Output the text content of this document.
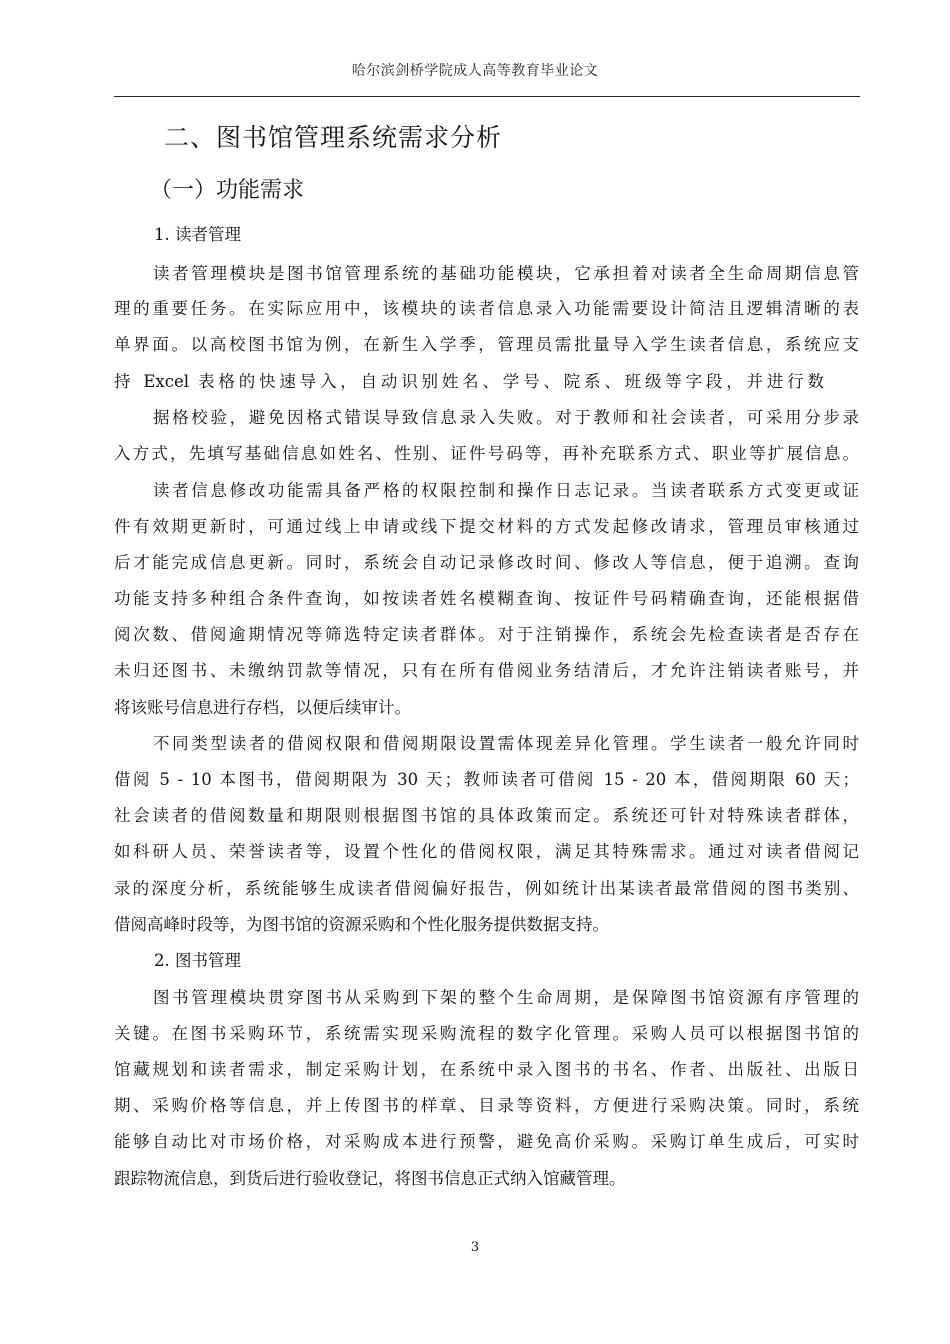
哈尔滨剑桥学院成人高等教育毕业论文
二、图书馆管理系统需求分析
（一）功能需求
1. 读者管理
读者管理模块是图书馆管理系统的基础功能模块，它承担着对读者全生命周期信息管
理的重要任务。在实际应用中，该模块的读者信息录入功能需要设计简洁且逻辑清晰的表
单界面。以高校图书馆为例，在新生入学季，管理员需批量导入学生读者信息，系统应支
持 Excel 表格的快速导入，自动识别姓名、学号、院系、班级等字段，并进行数
据格校验，避免因格式错误导致信息录入失败。对于教师和社会读者，可采用分步录
入方式，先填写基础信息如姓名、性别、证件号码等，再补充联系方式、职业等扩展信息。
读者信息修改功能需具备严格的权限控制和操作日志记录。当读者联系方式变更或证
件有效期更新时，可通过线上申请或线下提交材料的方式发起修改请求，管理员审核通过
后才能完成信息更新。同时，系统会自动记录修改时间、修改人等信息，便于追溯。查询
功能支持多种组合条件查询，如按读者姓名模糊查询、按证件号码精确查询，还能根据借
阅次数、借阅逾期情况等筛选特定读者群体。对于注销操作，系统会先检查读者是否存在
未归还图书、未缴纳罚款等情况，只有在所有借阅业务结清后，才允许注销读者账号，并
将该账号信息进行存档，以便后续审计。
不同类型读者的借阅权限和借阅期限设置需体现差异化管理。学生读者一般允许同时
借阅 5 - 10 本图书，借阅期限为 30 天；教师读者可借阅 15 - 20 本，借阅期限 60 天；
社会读者的借阅数量和期限则根据图书馆的具体政策而定。系统还可针对特殊读者群体，
如科研人员、荣誉读者等，设置个性化的借阅权限，满足其特殊需求。通过对读者借阅记
录的深度分析，系统能够生成读者借阅偏好报告，例如统计出某读者最常借阅的图书类别、
借阅高峰时段等，为图书馆的资源采购和个性化服务提供数据支持。
2. 图书管理
图书管理模块贯穿图书从采购到下架的整个生命周期，是保障图书馆资源有序管理的
关键。在图书采购环节，系统需实现采购流程的数字化管理。采购人员可以根据图书馆的
馆藏规划和读者需求，制定采购计划，在系统中录入图书的书名、作者、出版社、出版日
期、采购价格等信息，并上传图书的样章、目录等资料，方便进行采购决策。同时，系统
能够自动比对市场价格，对采购成本进行预警，避免高价采购。采购订单生成后，可实时
跟踪物流信息，到货后进行验收登记，将图书信息正式纳入馆藏管理。
3
